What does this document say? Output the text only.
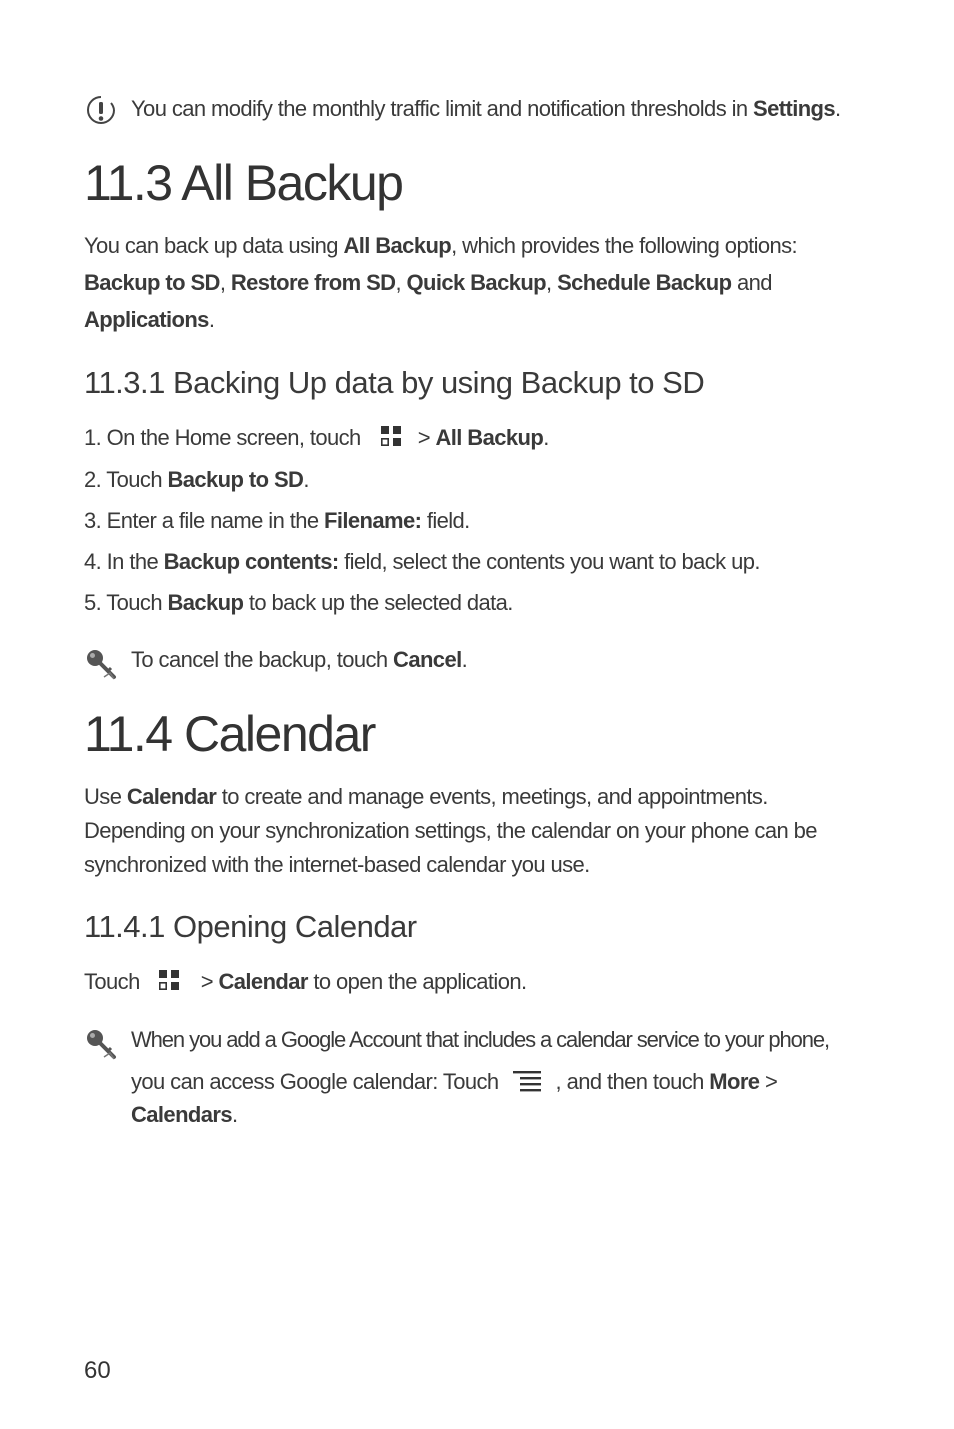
You can modify the monthly traffic limit and notification thresholds in Settings.
11.3 All Backup
You can back up data using All Backup, which provides the following options:
Backup to SD, Restore from SD, Quick Backup, Schedule Backup and
Applications.
11.3.1 Backing Up data by using Backup to SD
1. On the Home screen, touch  > All Backup.
2. Touch Backup to SD.
3. Enter a file name in the Filename: field.
4. In the Backup contents: field, select the contents you want to back up.
5. Touch Backup to back up the selected data.
To cancel the backup, touch Cancel.
11.4 Calendar
Use Calendar to create and manage events, meetings, and appointments.
Depending on your synchronization settings, the calendar on your phone can be
synchronized with the internet-based calendar you use.
11.4.1 Opening Calendar
Touch  > Calendar to open the application.
When you add a Google Account that includes a calendar service to your phone,
you can access Google calendar: Touch  , and then touch More >
Calendars.
60
